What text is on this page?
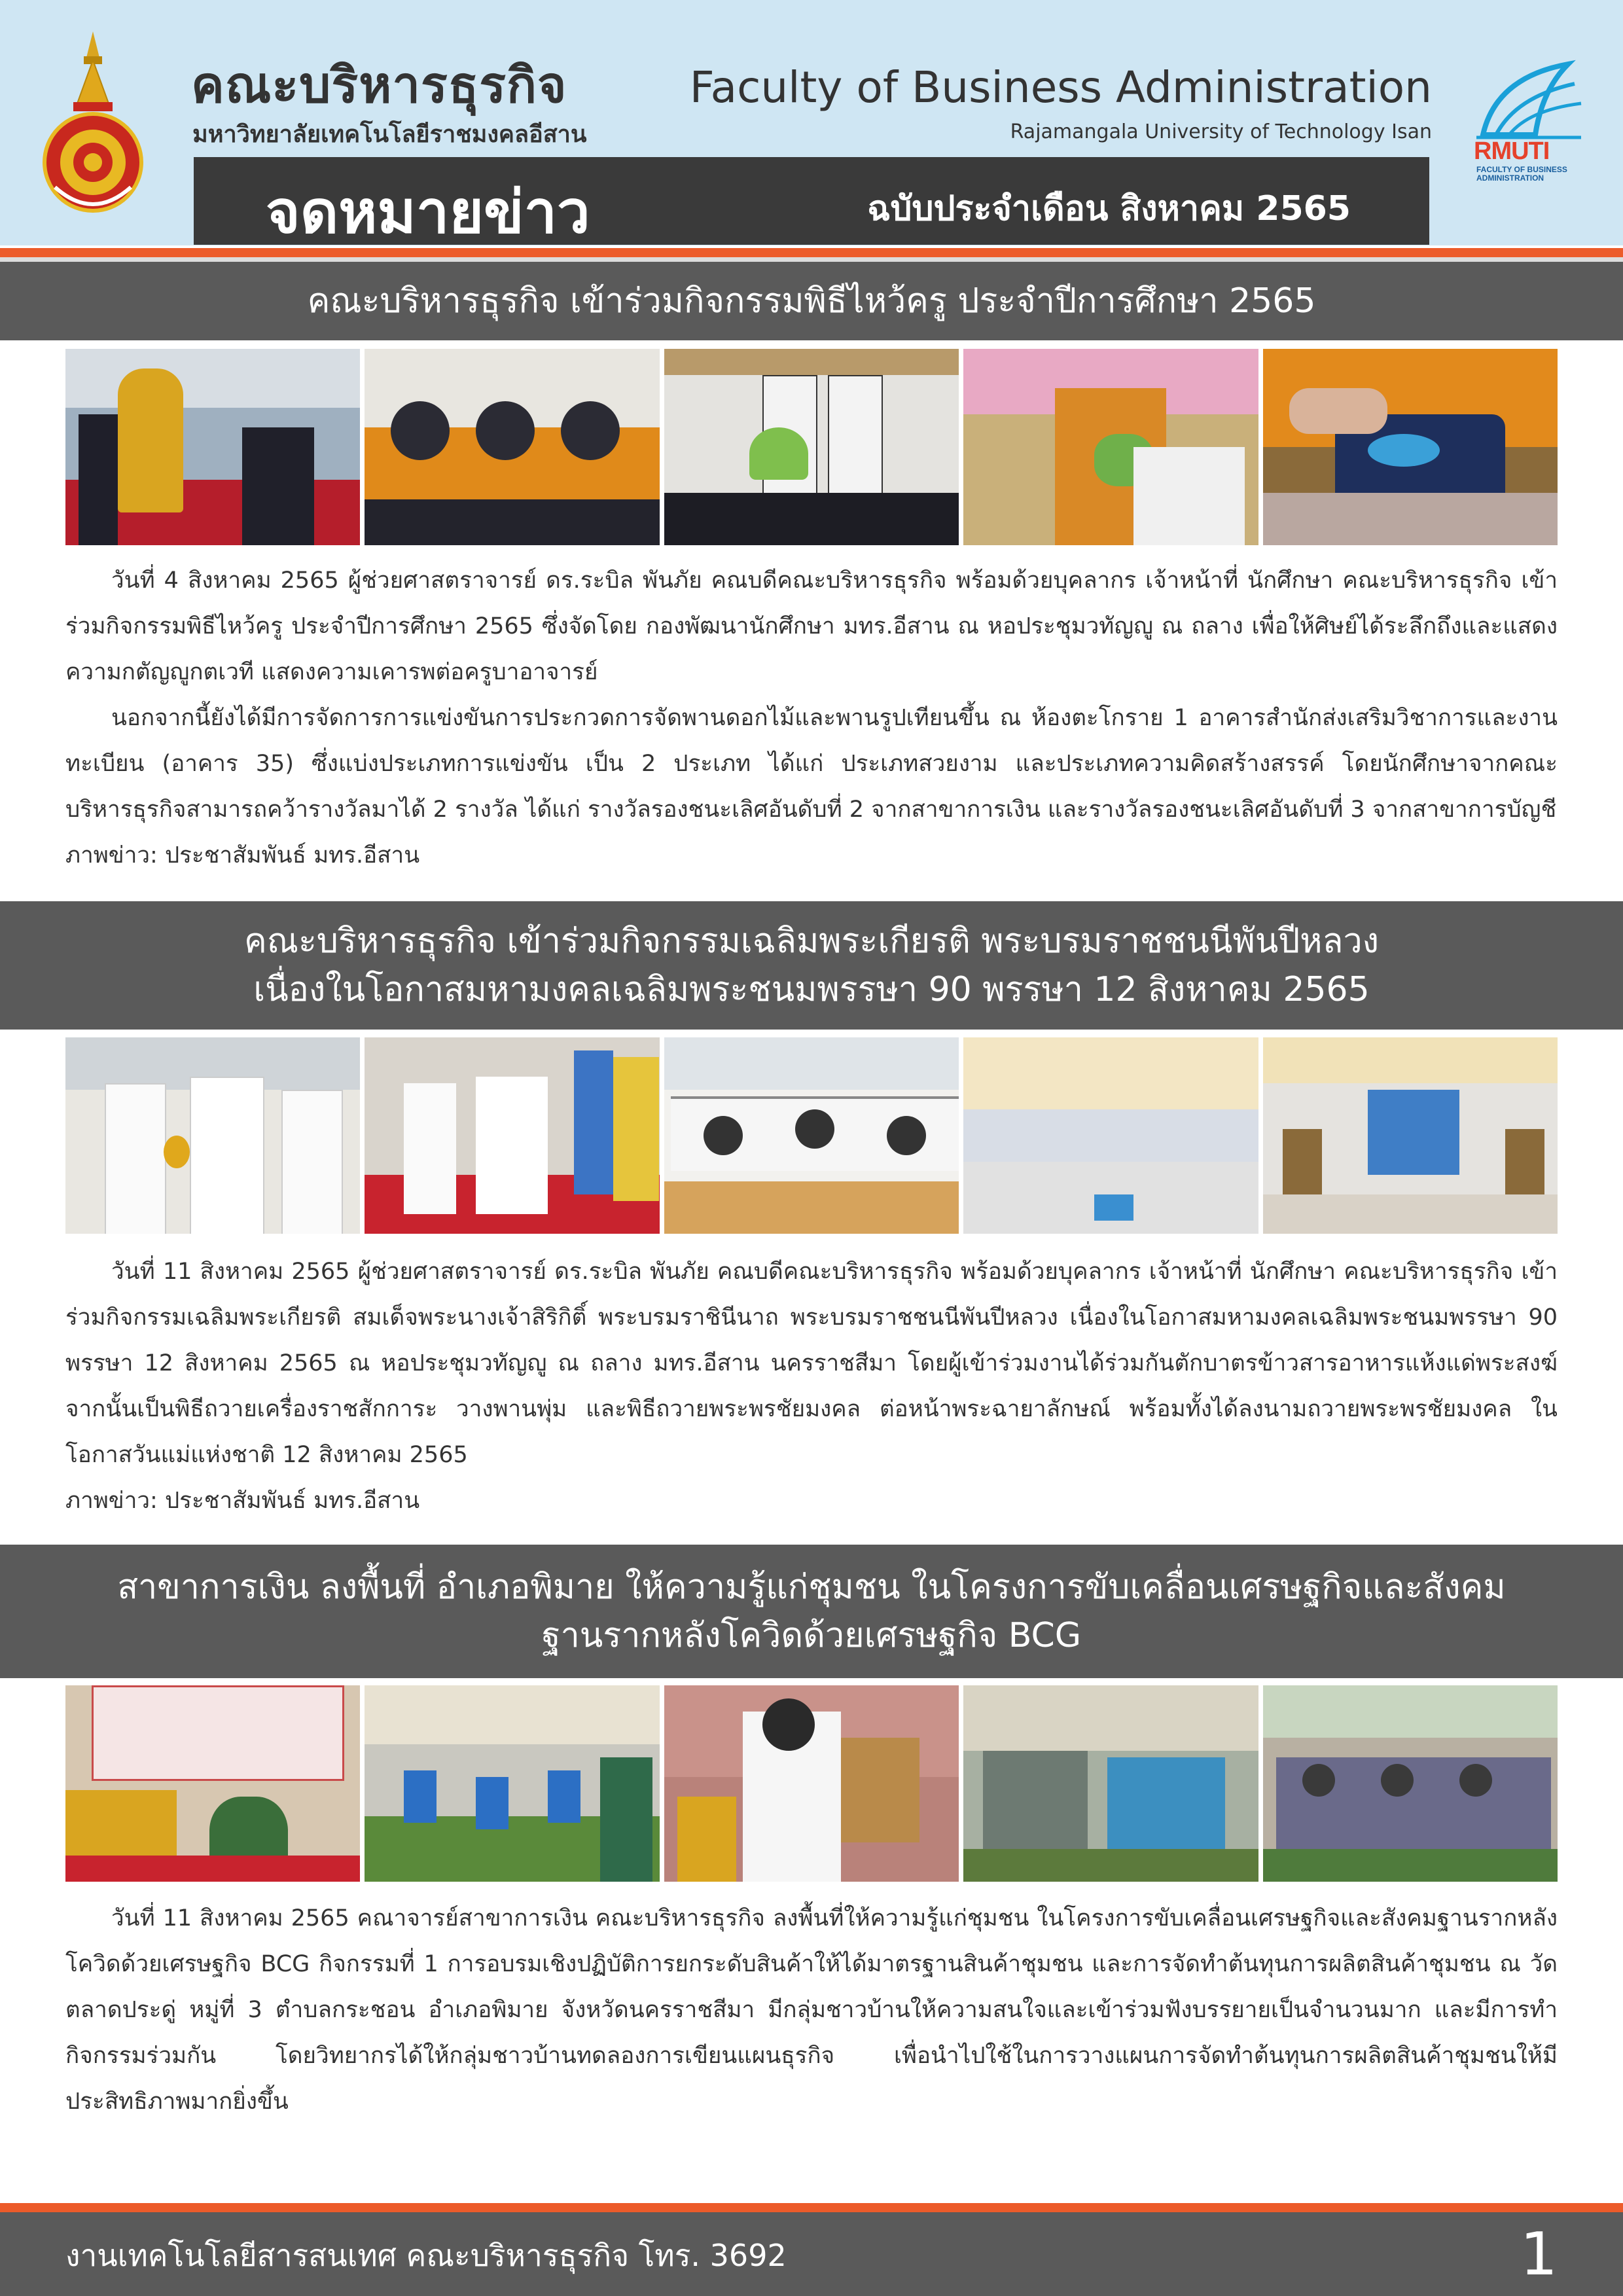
คณะบริหารธุรกิจ
มหาวิทยาลัยเทคโนโลยีราชมงคลอีสาน
Faculty of Business Administration
Rajamangala University of Technology Isan
RMUTI
FACULTY OF BUSINESS ADMINISTRATION
จดหมายข่าว	ฉบับประจำเดือน สิงหาคม 2565
คณะบริหารธุรกิจ เข้าร่วมกิจกรรมพิธีไหว้ครู ประจำปีการศึกษา 2565

วันที่ 4 สิงหาคม 2565 ผู้ช่วยศาสตราจารย์ ดร.ระบิล พันภัย คณบดีคณะบริหารธุรกิจ พร้อมด้วยบุคลากร เจ้าหน้าที่ นักศึกษา คณะบริหารธุรกิจ เข้าร่วมกิจกรรมพิธีไหว้ครู ประจำปีการศึกษา 2565 ซึ่งจัดโดย กองพัฒนานักศึกษา มทร.อีสาน ณ หอประชุมวทัญญู ณ ถลาง เพื่อให้ศิษย์ได้ระลึกถึงและแสดงความกตัญญูกตเวที แสดงความเคารพต่อครูบาอาจารย์

นอกจากนี้ยังได้มีการจัดการการแข่งขันการประกวดการจัดพานดอกไม้และพานรูปเทียนขึ้น ณ ห้องตะโกราย 1 อาคารสำนักส่งเสริมวิชาการและงานทะเบียน (อาคาร 35) ซึ่งแบ่งประเภทการแข่งขัน เป็น 2 ประเภท ได้แก่ ประเภทสวยงาม และประเภทความคิดสร้างสรรค์ โดยนักศึกษาจากคณะบริหารธุรกิจสามารถคว้ารางวัลมาได้ 2 รางวัล ได้แก่ รางวัลรองชนะเลิศอันดับที่ 2 จากสาขาการเงิน และรางวัลรองชนะเลิศอันดับที่ 3 จากสาขาการบัญชี

ภาพข่าว: ประชาสัมพันธ์ มทร.อีสาน

คณะบริหารธุรกิจ เข้าร่วมกิจกรรมเฉลิมพระเกียรติ พระบรมราชชนนีพันปีหลวง
เนื่องในโอกาสมหามงคลเฉลิมพระชนมพรรษา 90 พรรษา 12 สิงหาคม 2565

วันที่ 11 สิงหาคม 2565 ผู้ช่วยศาสตราจารย์ ดร.ระบิล พันภัย คณบดีคณะบริหารธุรกิจ พร้อมด้วยบุคลากร เจ้าหน้าที่ นักศึกษา คณะบริหารธุรกิจ เข้าร่วมกิจกรรมเฉลิมพระเกียรติ สมเด็จพระนางเจ้าสิริกิติ์ พระบรมราชินีนาถ พระบรมราชชนนีพันปีหลวง เนื่องในโอกาสมหามงคลเฉลิมพระชนมพรรษา 90 พรรษา 12 สิงหาคม 2565 ณ หอประชุมวทัญญู ณ ถลาง มทร.อีสาน นครราชสีมา โดยผู้เข้าร่วมงานได้ร่วมกันตักบาตรข้าวสารอาหารแห้งแด่พระสงฆ์ จากนั้นเป็นพิธีถวายเครื่องราชสักการะ วางพานพุ่ม และพิธีถวายพระพรชัยมงคล ต่อหน้าพระฉายาลักษณ์ พร้อมทั้งได้ลงนามถวายพระพรชัยมงคล ในโอกาสวันแม่แห่งชาติ 12 สิงหาคม 2565

ภาพข่าว: ประชาสัมพันธ์ มทร.อีสาน

สาขาการเงิน ลงพื้นที่ อำเภอพิมาย ให้ความรู้แก่ชุมชน ในโครงการขับเคลื่อนเศรษฐกิจและสังคม
ฐานรากหลังโควิดด้วยเศรษฐกิจ BCG

วันที่ 11 สิงหาคม 2565 คณาจารย์สาขาการเงิน คณะบริหารธุรกิจ ลงพื้นที่ให้ความรู้แก่ชุมชน ในโครงการขับเคลื่อนเศรษฐกิจและสังคมฐานรากหลังโควิดด้วยเศรษฐกิจ BCG กิจกรรมที่ 1 การอบรมเชิงปฏิบัติการยกระดับสินค้าให้ได้มาตรฐานสินค้าชุมชน และการจัดทำต้นทุนการผลิตสินค้าชุมชน ณ วัดตลาดประดู่ หมู่ที่ 3 ตำบลกระชอน อำเภอพิมาย จังหวัดนครราชสีมา มีกลุ่มชาวบ้านให้ความสนใจและเข้าร่วมฟังบรรยายเป็นจำนวนมาก และมีการทำกิจกรรมร่วมกัน โดยวิทยากรได้ให้กลุ่มชาวบ้านทดลองการเขียนแผนธุรกิจ เพื่อนำไปใช้ในการวางแผนการจัดทำต้นทุนการผลิตสินค้าชุมชนให้มีประสิทธิภาพมากยิ่งขึ้น

งานเทคโนโลยีสารสนเทศ คณะบริหารธุรกิจ โทร. 3692	1
